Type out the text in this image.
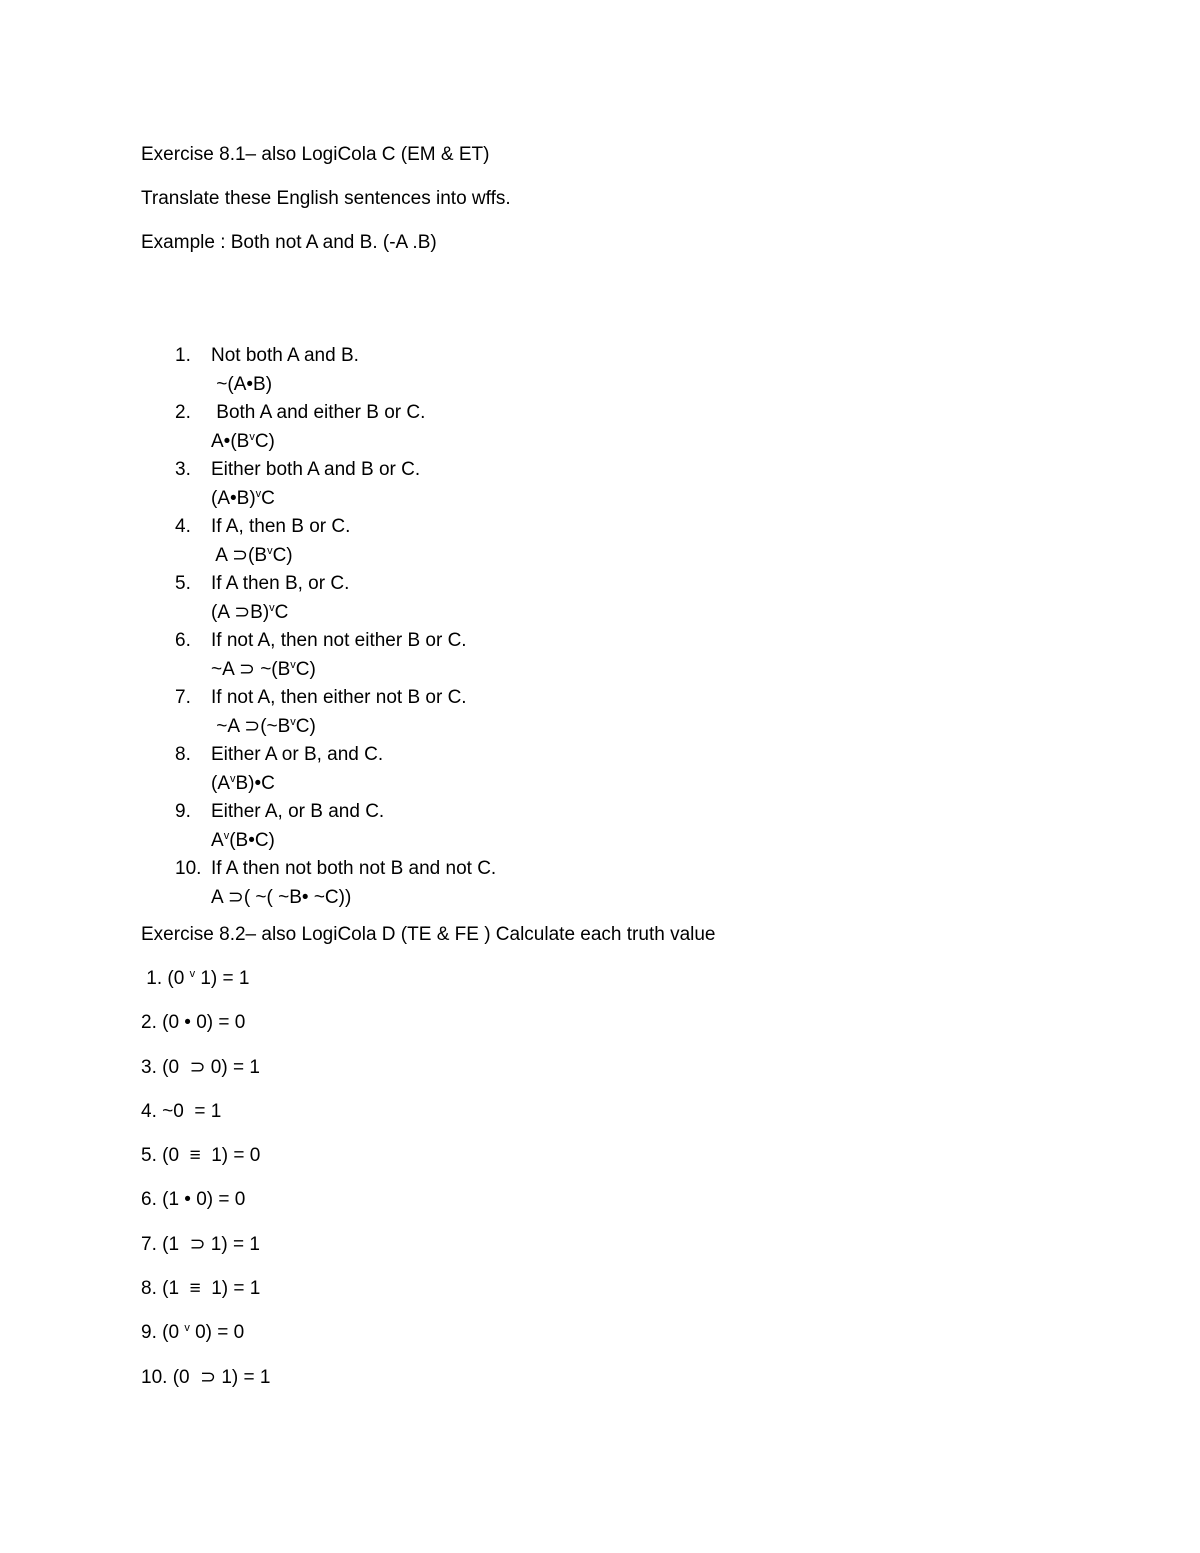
Exercise 8.1– also LogiCola C (EM & ET)

Translate these English sentences into wffs.

Example : Both not A and B. (-A .B)

1.	Not both A and B.
~(A•B)
2.	Both A and either B or C.
$A•(B^vC)$
3.	Either both A and B or C.
(A•B)$^v$C
4.	If A, then B or C.
A $⊃(B^vC)$
5.	If A then B, or C.
(A ⊃B)$^v$C
6.	If not A, then not either B or C.
~A ⊃ $\sim(B^vC)$
7.	If not A, then either not B or C.
~A $⊃(\sim B^vC)$
8.	Either A or B, and C.
$(A^vB)•C$
9.	Either A, or B and C.
$A^v(B•C)$
10. If A then not both not B and not C.
A ⊃( ~( ~B• ~C))

Exercise 8.2– also LogiCola D (TE & FE ) Calculate each truth value

1. (0 $^v$ 1) = 1
2. (0 • 0) = 0
3. (0  ⊃ 0) = 1
4. ~0  = 1
5. (0  ≡  1) = 0
6. (1 • 0) = 0
7. (1  ⊃ 1) = 1
8. (1  ≡  1) = 1
9. (0 $^v$ 0) = 0
10. (0  ⊃ 1) = 1
